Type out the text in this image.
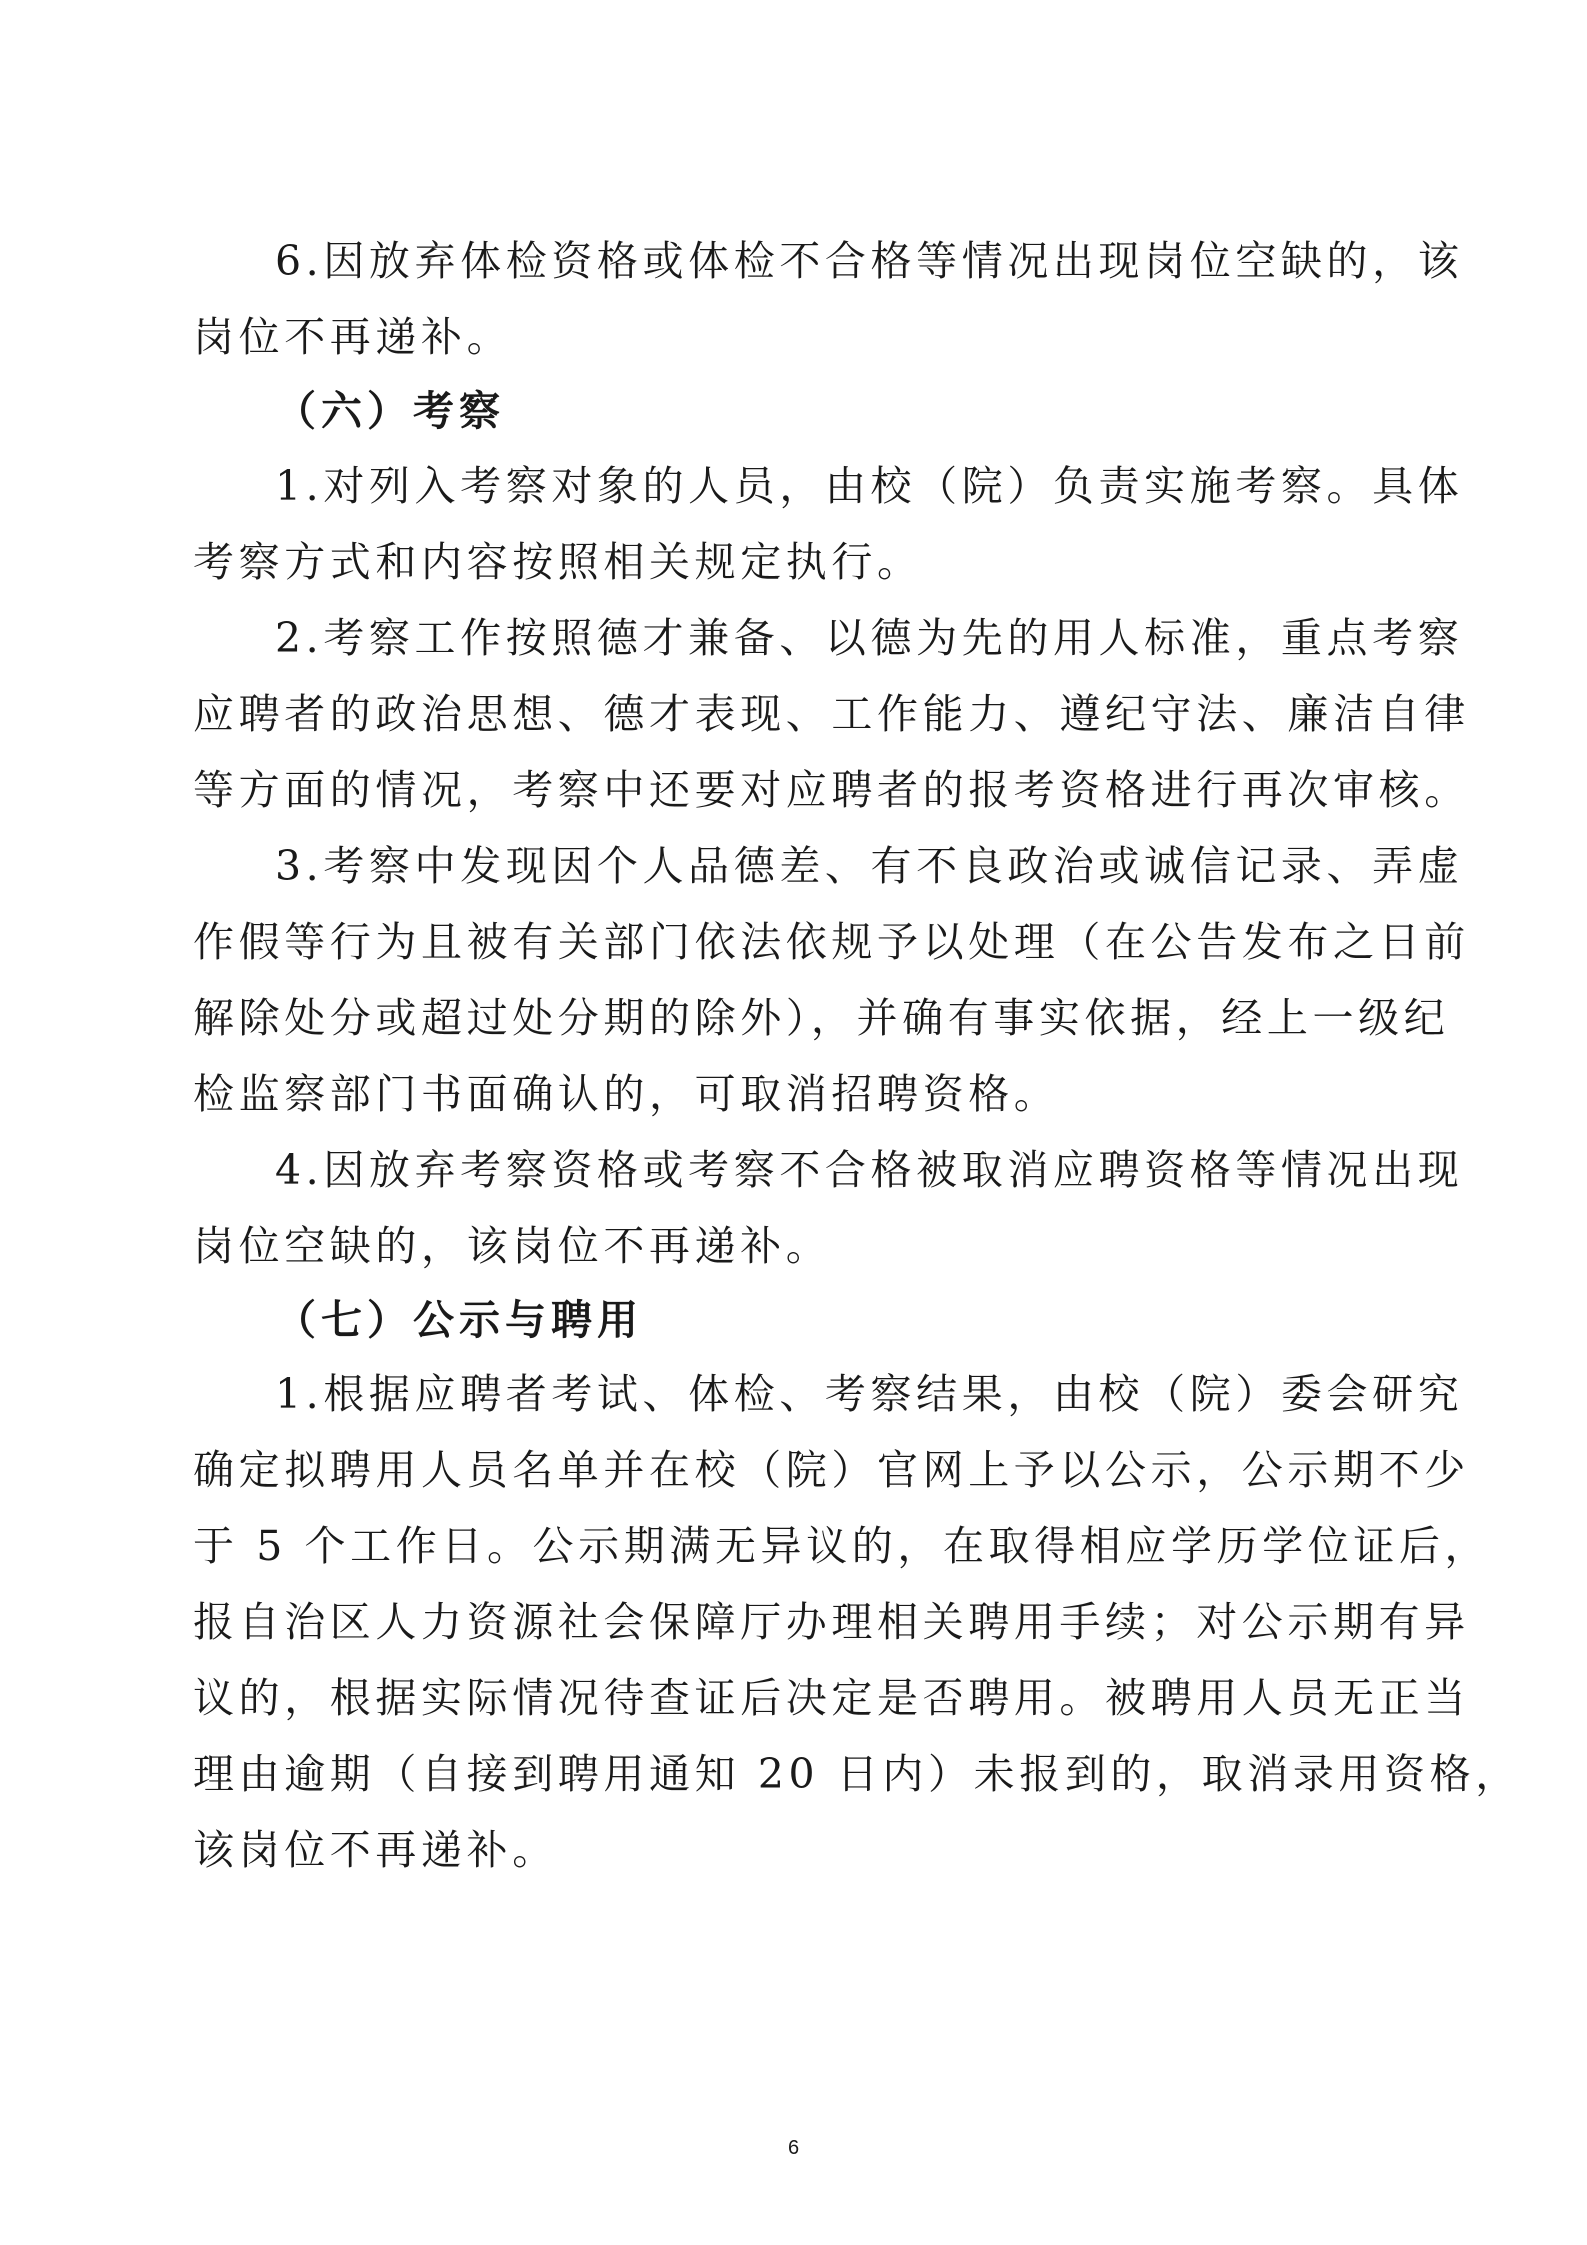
6.因放弃体检资格或体检不合格等情况出现岗位空缺的，该
岗位不再递补。
（六）考察
1.对列入考察对象的人员，由校（院）负责实施考察。具体
考察方式和内容按照相关规定执行。
2.考察工作按照德才兼备、以德为先的用人标准，重点考察
应聘者的政治思想、德才表现、工作能力、遵纪守法、廉洁自律
等方面的情况，考察中还要对应聘者的报考资格进行再次审核。
3.考察中发现因个人品德差、有不良政治或诚信记录、弄虚
作假等行为且被有关部门依法依规予以处理（在公告发布之日前
解除处分或超过处分期的除外），并确有事实依据，经上一级纪
检监察部门书面确认的，可取消招聘资格。
4.因放弃考察资格或考察不合格被取消应聘资格等情况出现
岗位空缺的，该岗位不再递补。
（七）公示与聘用
1.根据应聘者考试、体检、考察结果，由校（院）委会研究
确定拟聘用人员名单并在校（院）官网上予以公示，公示期不少
于 5 个工作日。公示期满无异议的，在取得相应学历学位证后，
报自治区人力资源社会保障厅办理相关聘用手续；对公示期有异
议的，根据实际情况待查证后决定是否聘用。被聘用人员无正当
理由逾期（自接到聘用通知 20 日内）未报到的，取消录用资格，
该岗位不再递补。
6
